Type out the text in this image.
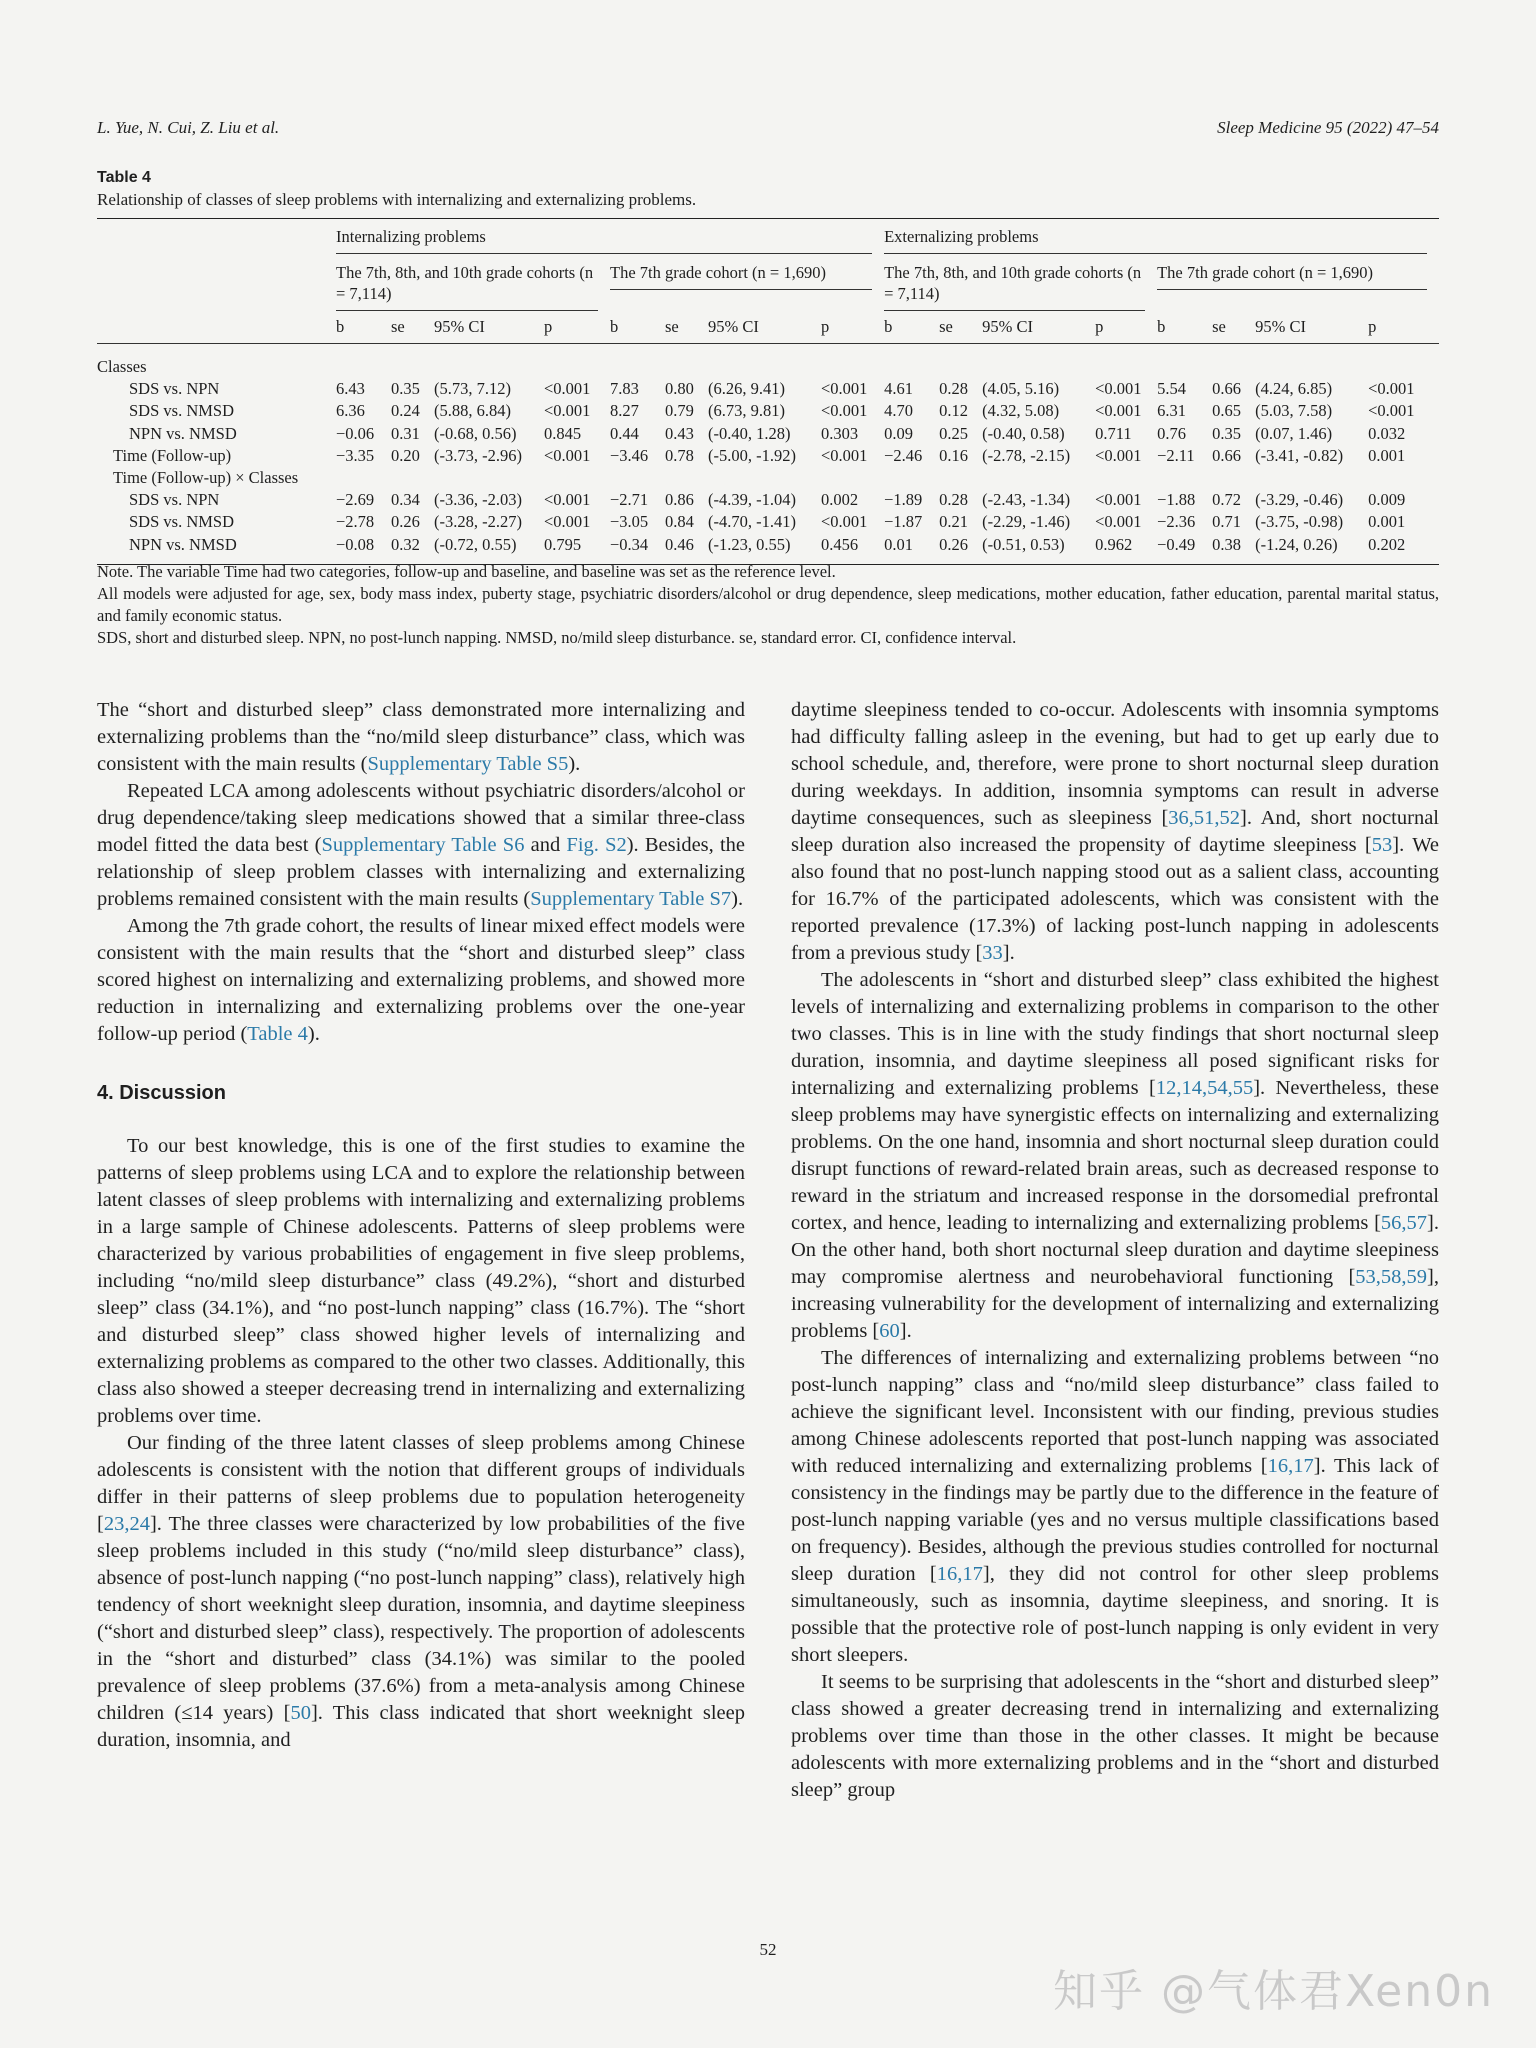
L. Yue, N. Cui, Z. Liu et al.	Sleep Medicine 95 (2022) 47–54
Table 4
Relationship of classes of sleep problems with internalizing and externalizing problems.

	Internalizing problems								Externalizing problems							

	The 7th, 8th, and 10th grade cohorts (n = 7,114)				The 7th grade cohort (n = 1,690)				The 7th, 8th, and 10th grade cohorts (n = 7,114)				The 7th grade cohort (n = 1,690)			

	b	se	95% CI	p	b	se	95% CI	p	b	se	95% CI	p	b	se	95% CI	p
Classes																
SDS vs. NPN	6.43	0.35	(5.73, 7.12)	<0.001	7.83	0.80	(6.26, 9.41)	<0.001	4.61	0.28	(4.05, 5.16)	<0.001	5.54	0.66	(4.24, 6.85)	<0.001
SDS vs. NMSD	6.36	0.24	(5.88, 6.84)	<0.001	8.27	0.79	(6.73, 9.81)	<0.001	4.70	0.12	(4.32, 5.08)	<0.001	6.31	0.65	(5.03, 7.58)	<0.001
NPN vs. NMSD	−0.06	0.31	(-0.68, 0.56)	0.845	0.44	0.43	(-0.40, 1.28)	0.303	0.09	0.25	(-0.40, 0.58)	0.711	0.76	0.35	(0.07, 1.46)	0.032
Time (Follow-up)	−3.35	0.20	(-3.73, -2.96)	<0.001	−3.46	0.78	(-5.00, -1.92)	<0.001	−2.46	0.16	(-2.78, -2.15)	<0.001	−2.11	0.66	(-3.41, -0.82)	0.001
Time (Follow-up) × Classes																
SDS vs. NPN	−2.69	0.34	(-3.36, -2.03)	<0.001	−2.71	0.86	(-4.39, -1.04)	0.002	−1.89	0.28	(-2.43, -1.34)	<0.001	−1.88	0.72	(-3.29, -0.46)	0.009
SDS vs. NMSD	−2.78	0.26	(-3.28, -2.27)	<0.001	−3.05	0.84	(-4.70, -1.41)	<0.001	−1.87	0.21	(-2.29, -1.46)	<0.001	−2.36	0.71	(-3.75, -0.98)	0.001
NPN vs. NMSD	−0.08	0.32	(-0.72, 0.55)	0.795	−0.34	0.46	(-1.23, 0.55)	0.456	0.01	0.26	(-0.51, 0.53)	0.962	−0.49	0.38	(-1.24, 0.26)	0.202

Note. The variable Time had two categories, follow-up and baseline, and baseline was set as the reference level.

All models were adjusted for age, sex, body mass index, puberty stage, psychiatric disorders/alcohol or drug dependence, sleep medications, mother education, father education, parental marital status, and family economic status.

SDS, short and disturbed sleep. NPN, no post-lunch napping. NMSD, no/mild sleep disturbance. se, standard error. CI, confidence interval.

The “short and disturbed sleep” class demonstrated more internalizing and externalizing problems than the “no/mild sleep disturbance” class, which was consistent with the main results (Supplementary Table S5).

Repeated LCA among adolescents without psychiatric disorders/alcohol or drug dependence/taking sleep medications showed that a similar three-class model fitted the data best (Supplementary Table S6 and Fig. S2). Besides, the relationship of sleep problem classes with internalizing and externalizing problems remained consistent with the main results (Supplementary Table S7).

Among the 7th grade cohort, the results of linear mixed effect models were consistent with the main results that the “short and disturbed sleep” class scored highest on internalizing and externalizing problems, and showed more reduction in internalizing and externalizing problems over the one-year follow-up period (Table 4).

4. Discussion

To our best knowledge, this is one of the first studies to examine the patterns of sleep problems using LCA and to explore the relationship between latent classes of sleep problems with internalizing and externalizing problems in a large sample of Chinese adolescents. Patterns of sleep problems were characterized by various probabilities of engagement in five sleep problems, including “no/mild sleep disturbance” class (49.2%), “short and disturbed sleep” class (34.1%), and “no post-lunch napping” class (16.7%). The “short and disturbed sleep” class showed higher levels of internalizing and externalizing problems as compared to the other two classes. Additionally, this class also showed a steeper decreasing trend in internalizing and externalizing problems over time.

Our finding of the three latent classes of sleep problems among Chinese adolescents is consistent with the notion that different groups of individuals differ in their patterns of sleep problems due to population heterogeneity [23,24]. The three classes were characterized by low probabilities of the five sleep problems included in this study (“no/mild sleep disturbance” class), absence of post-lunch napping (“no post-lunch napping” class), relatively high tendency of short weeknight sleep duration, insomnia, and daytime sleepiness (“short and disturbed sleep” class), respectively. The proportion of adolescents in the “short and disturbed” class (34.1%) was similar to the pooled prevalence of sleep problems (37.6%) from a meta-analysis among Chinese children (≤14 years) [50]. This class indicated that short weeknight sleep duration, insomnia, and

daytime sleepiness tended to co-occur. Adolescents with insomnia symptoms had difficulty falling asleep in the evening, but had to get up early due to school schedule, and, therefore, were prone to short nocturnal sleep duration during weekdays. In addition, insomnia symptoms can result in adverse daytime consequences, such as sleepiness [36,51,52]. And, short nocturnal sleep duration also increased the propensity of daytime sleepiness [53]. We also found that no post-lunch napping stood out as a salient class, accounting for 16.7% of the participated adolescents, which was consistent with the reported prevalence (17.3%) of lacking post-lunch napping in adolescents from a previous study [33].

The adolescents in “short and disturbed sleep” class exhibited the highest levels of internalizing and externalizing problems in comparison to the other two classes. This is in line with the study findings that short nocturnal sleep duration, insomnia, and daytime sleepiness all posed significant risks for internalizing and externalizing problems [12,14,54,55]. Nevertheless, these sleep problems may have synergistic effects on internalizing and externalizing problems. On the one hand, insomnia and short nocturnal sleep duration could disrupt functions of reward-related brain areas, such as decreased response to reward in the striatum and increased response in the dorsomedial prefrontal cortex, and hence, leading to internalizing and externalizing problems [56,57]. On the other hand, both short nocturnal sleep duration and daytime sleepiness may compromise alertness and neurobehavioral functioning [53,58,59], increasing vulnerability for the development of internalizing and externalizing problems [60].

The differences of internalizing and externalizing problems between “no post-lunch napping” class and “no/mild sleep disturbance” class failed to achieve the significant level. Inconsistent with our finding, previous studies among Chinese adolescents reported that post-lunch napping was associated with reduced internalizing and externalizing problems [16,17]. This lack of consistency in the findings may be partly due to the difference in the feature of post-lunch napping variable (yes and no versus multiple classifications based on frequency). Besides, although the previous studies controlled for nocturnal sleep duration [16,17], they did not control for other sleep problems simultaneously, such as insomnia, daytime sleepiness, and snoring. It is possible that the protective role of post-lunch napping is only evident in very short sleepers.

It seems to be surprising that adolescents in the “short and disturbed sleep” class showed a greater decreasing trend in internalizing and externalizing problems over time than those in the other classes. It might be because adolescents with more externalizing problems and in the “short and disturbed sleep” group

52
知乎 @气体君Xen0n
